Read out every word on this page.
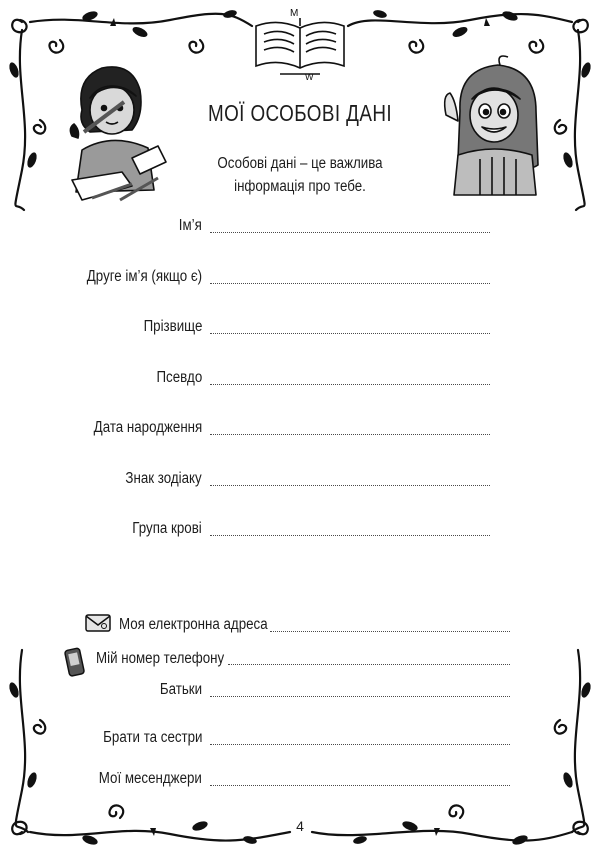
M
W
МОЇ ОСОБОВІ ДАНІ
Особові дані – це важлива
інформація про тебе.
Ім’я
Друге ім’я (якщо є)
Прізвище
Псевдо
Дата народження
Знак зодіаку
Група крові
Моя електронна адреса
Мій номер телефону
Батьки
Брати та сестри
Мої месенджери
4
